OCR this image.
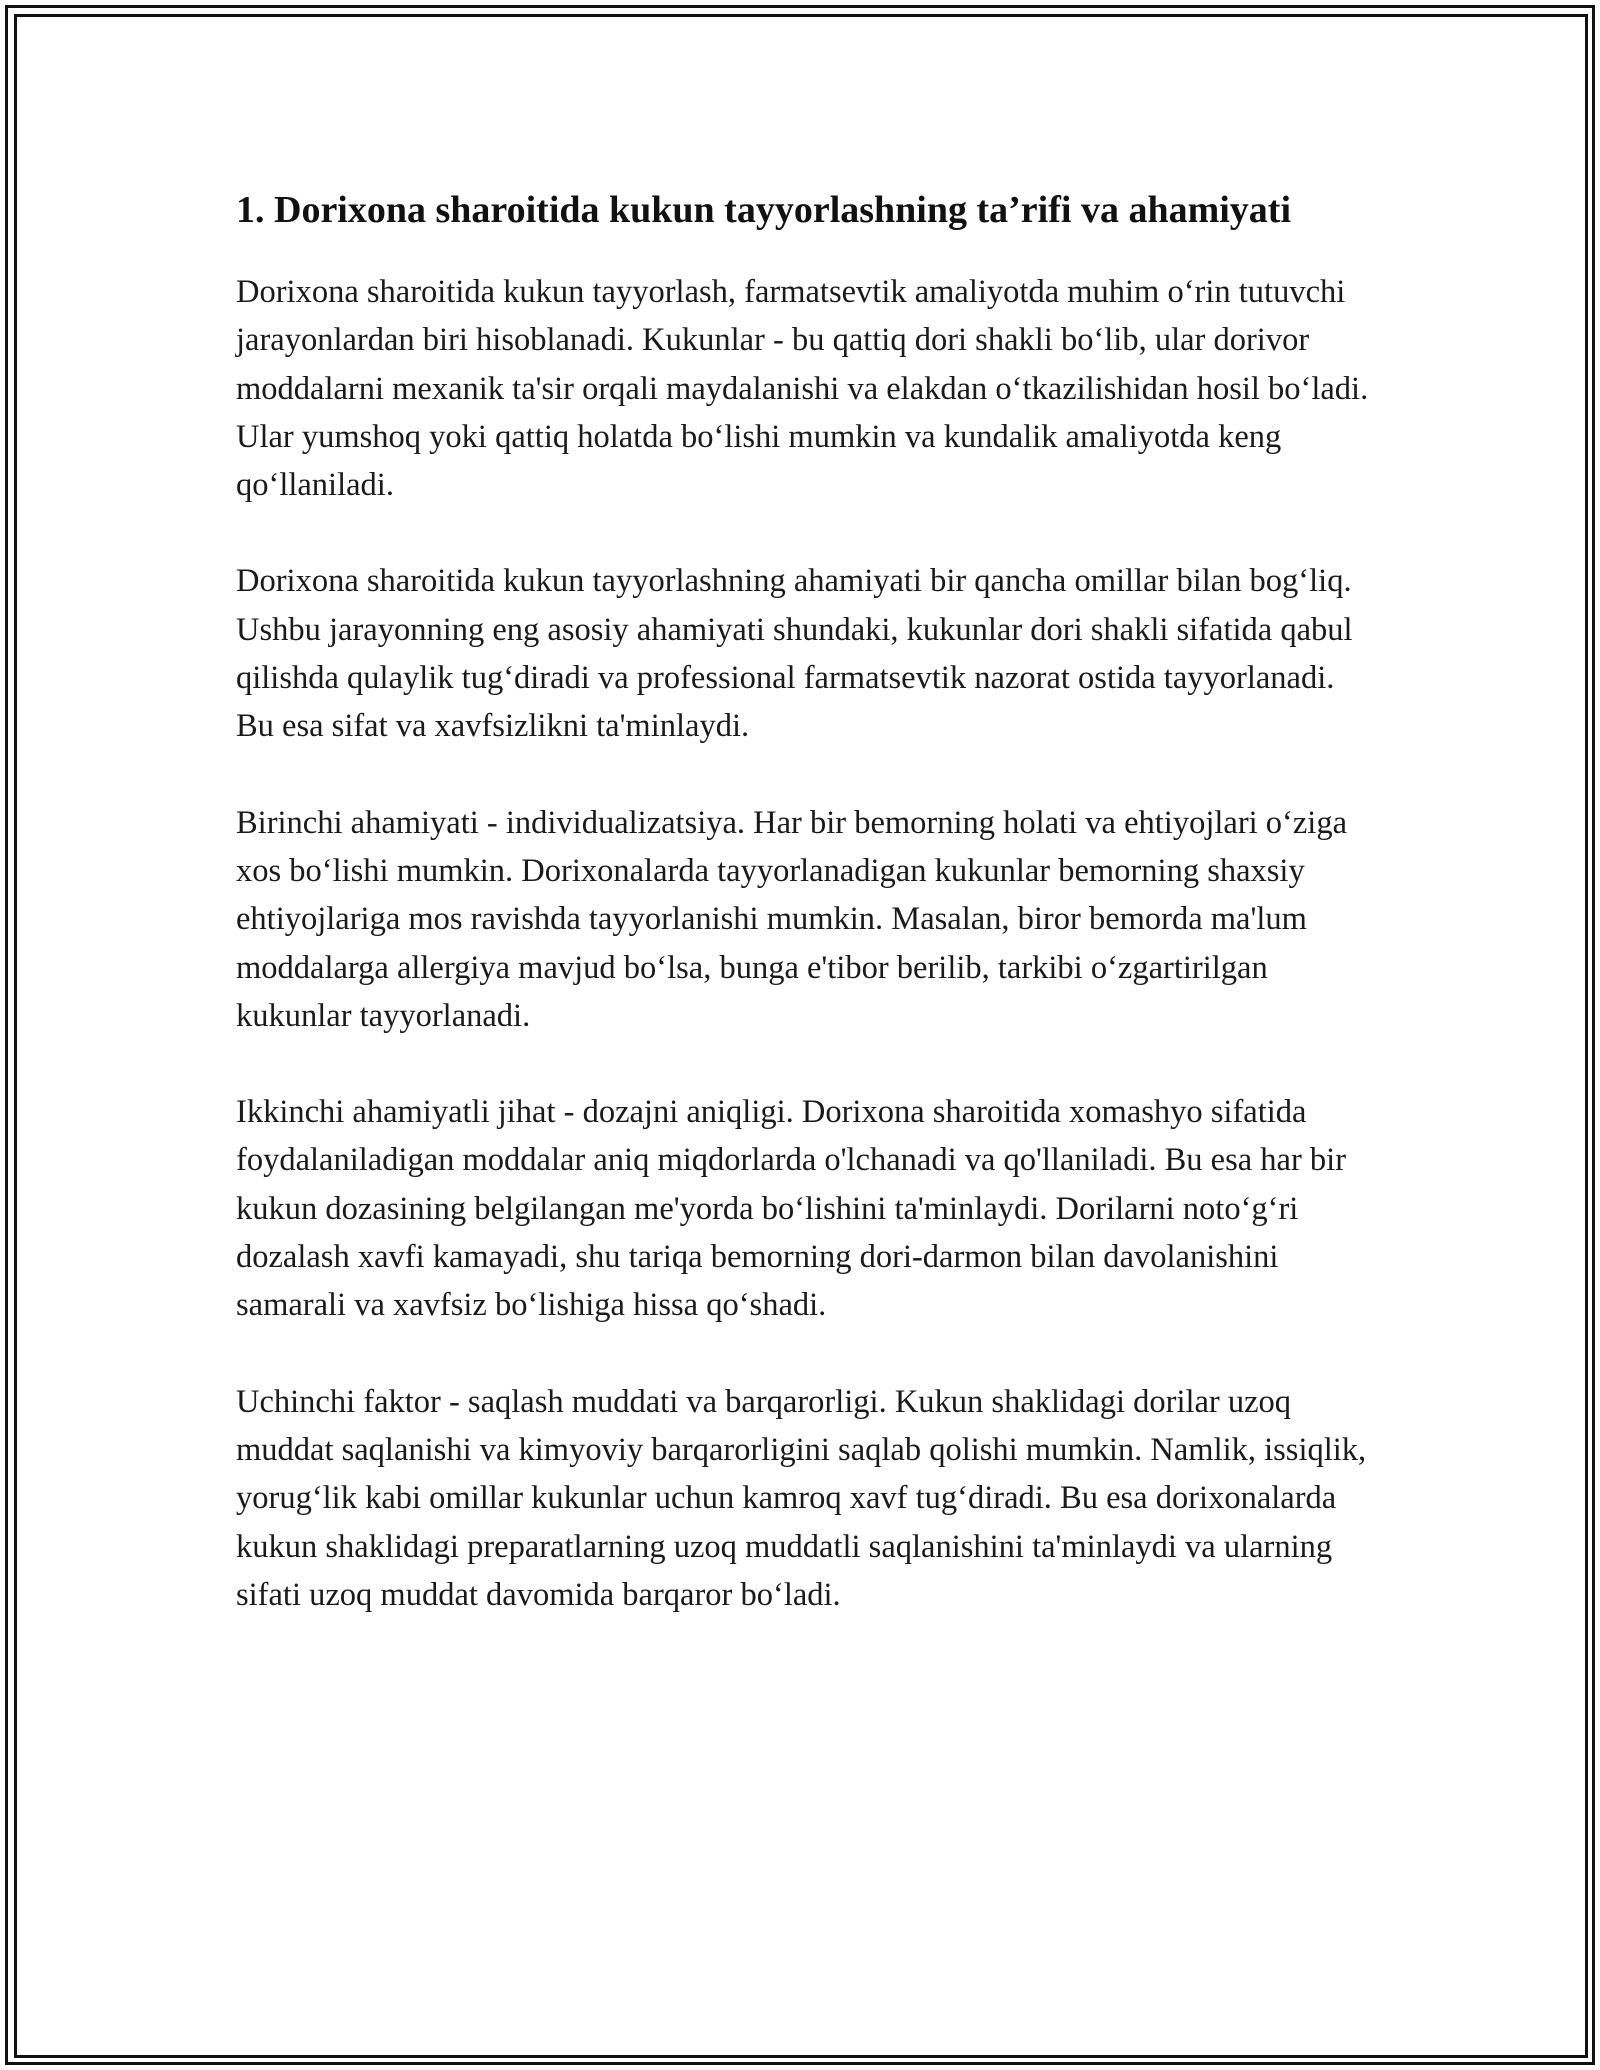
1. Dorixona sharoitida kukun tayyorlashning ta’rifi va ahamiyati

Dorixona sharoitida kukun tayyorlash, farmatsevtik amaliyotda muhim o‘rin tutuvchi jarayonlardan biri hisoblanadi. Kukunlar - bu qattiq dori shakli bo‘lib, ular dorivor moddalarni mexanik ta'sir orqali maydalanishi va elakdan o‘tkazilishidan hosil bo‘ladi. Ular yumshoq yoki qattiq holatda bo‘lishi mumkin va kundalik amaliyotda keng qo‘llaniladi.

Dorixona sharoitida kukun tayyorlashning ahamiyati bir qancha omillar bilan bog‘liq. Ushbu jarayonning eng asosiy ahamiyati shundaki, kukunlar dori shakli sifatida qabul qilishda qulaylik tug‘diradi va professional farmatsevtik nazorat ostida tayyorlanadi. Bu esa sifat va xavfsizlikni ta'minlaydi.

Birinchi ahamiyati - individualizatsiya. Har bir bemorning holati va ehtiyojlari o‘ziga xos bo‘lishi mumkin. Dorixonalarda tayyorlanadigan kukunlar bemorning shaxsiy ehtiyojlariga mos ravishda tayyorlanishi mumkin. Masalan, biror bemorda ma'lum moddalarga allergiya mavjud bo‘lsa, bunga e'tibor berilib, tarkibi o‘zgartirilgan kukunlar tayyorlanadi.

Ikkinchi ahamiyatli jihat - dozajni aniqligi. Dorixona sharoitida xomashyo sifatida foydalaniladigan moddalar aniq miqdorlarda o'lchanadi va qo'llaniladi. Bu esa har bir kukun dozasining belgilangan me'yorda bo‘lishini ta'minlaydi. Dorilarni noto‘g‘ri dozalash xavfi kamayadi, shu tariqa bemorning dori-darmon bilan davolanishini samarali va xavfsiz bo‘lishiga hissa qo‘shadi.

Uchinchi faktor - saqlash muddati va barqarorligi. Kukun shaklidagi dorilar uzoq muddat saqlanishi va kimyoviy barqarorligini saqlab qolishi mumkin. Namlik, issiqlik, yorug‘lik kabi omillar kukunlar uchun kamroq xavf tug‘diradi. Bu esa dorixonalarda kukun shaklidagi preparatlarning uzoq muddatli saqlanishini ta'minlaydi va ularning sifati uzoq muddat davomida barqaror bo‘ladi.
